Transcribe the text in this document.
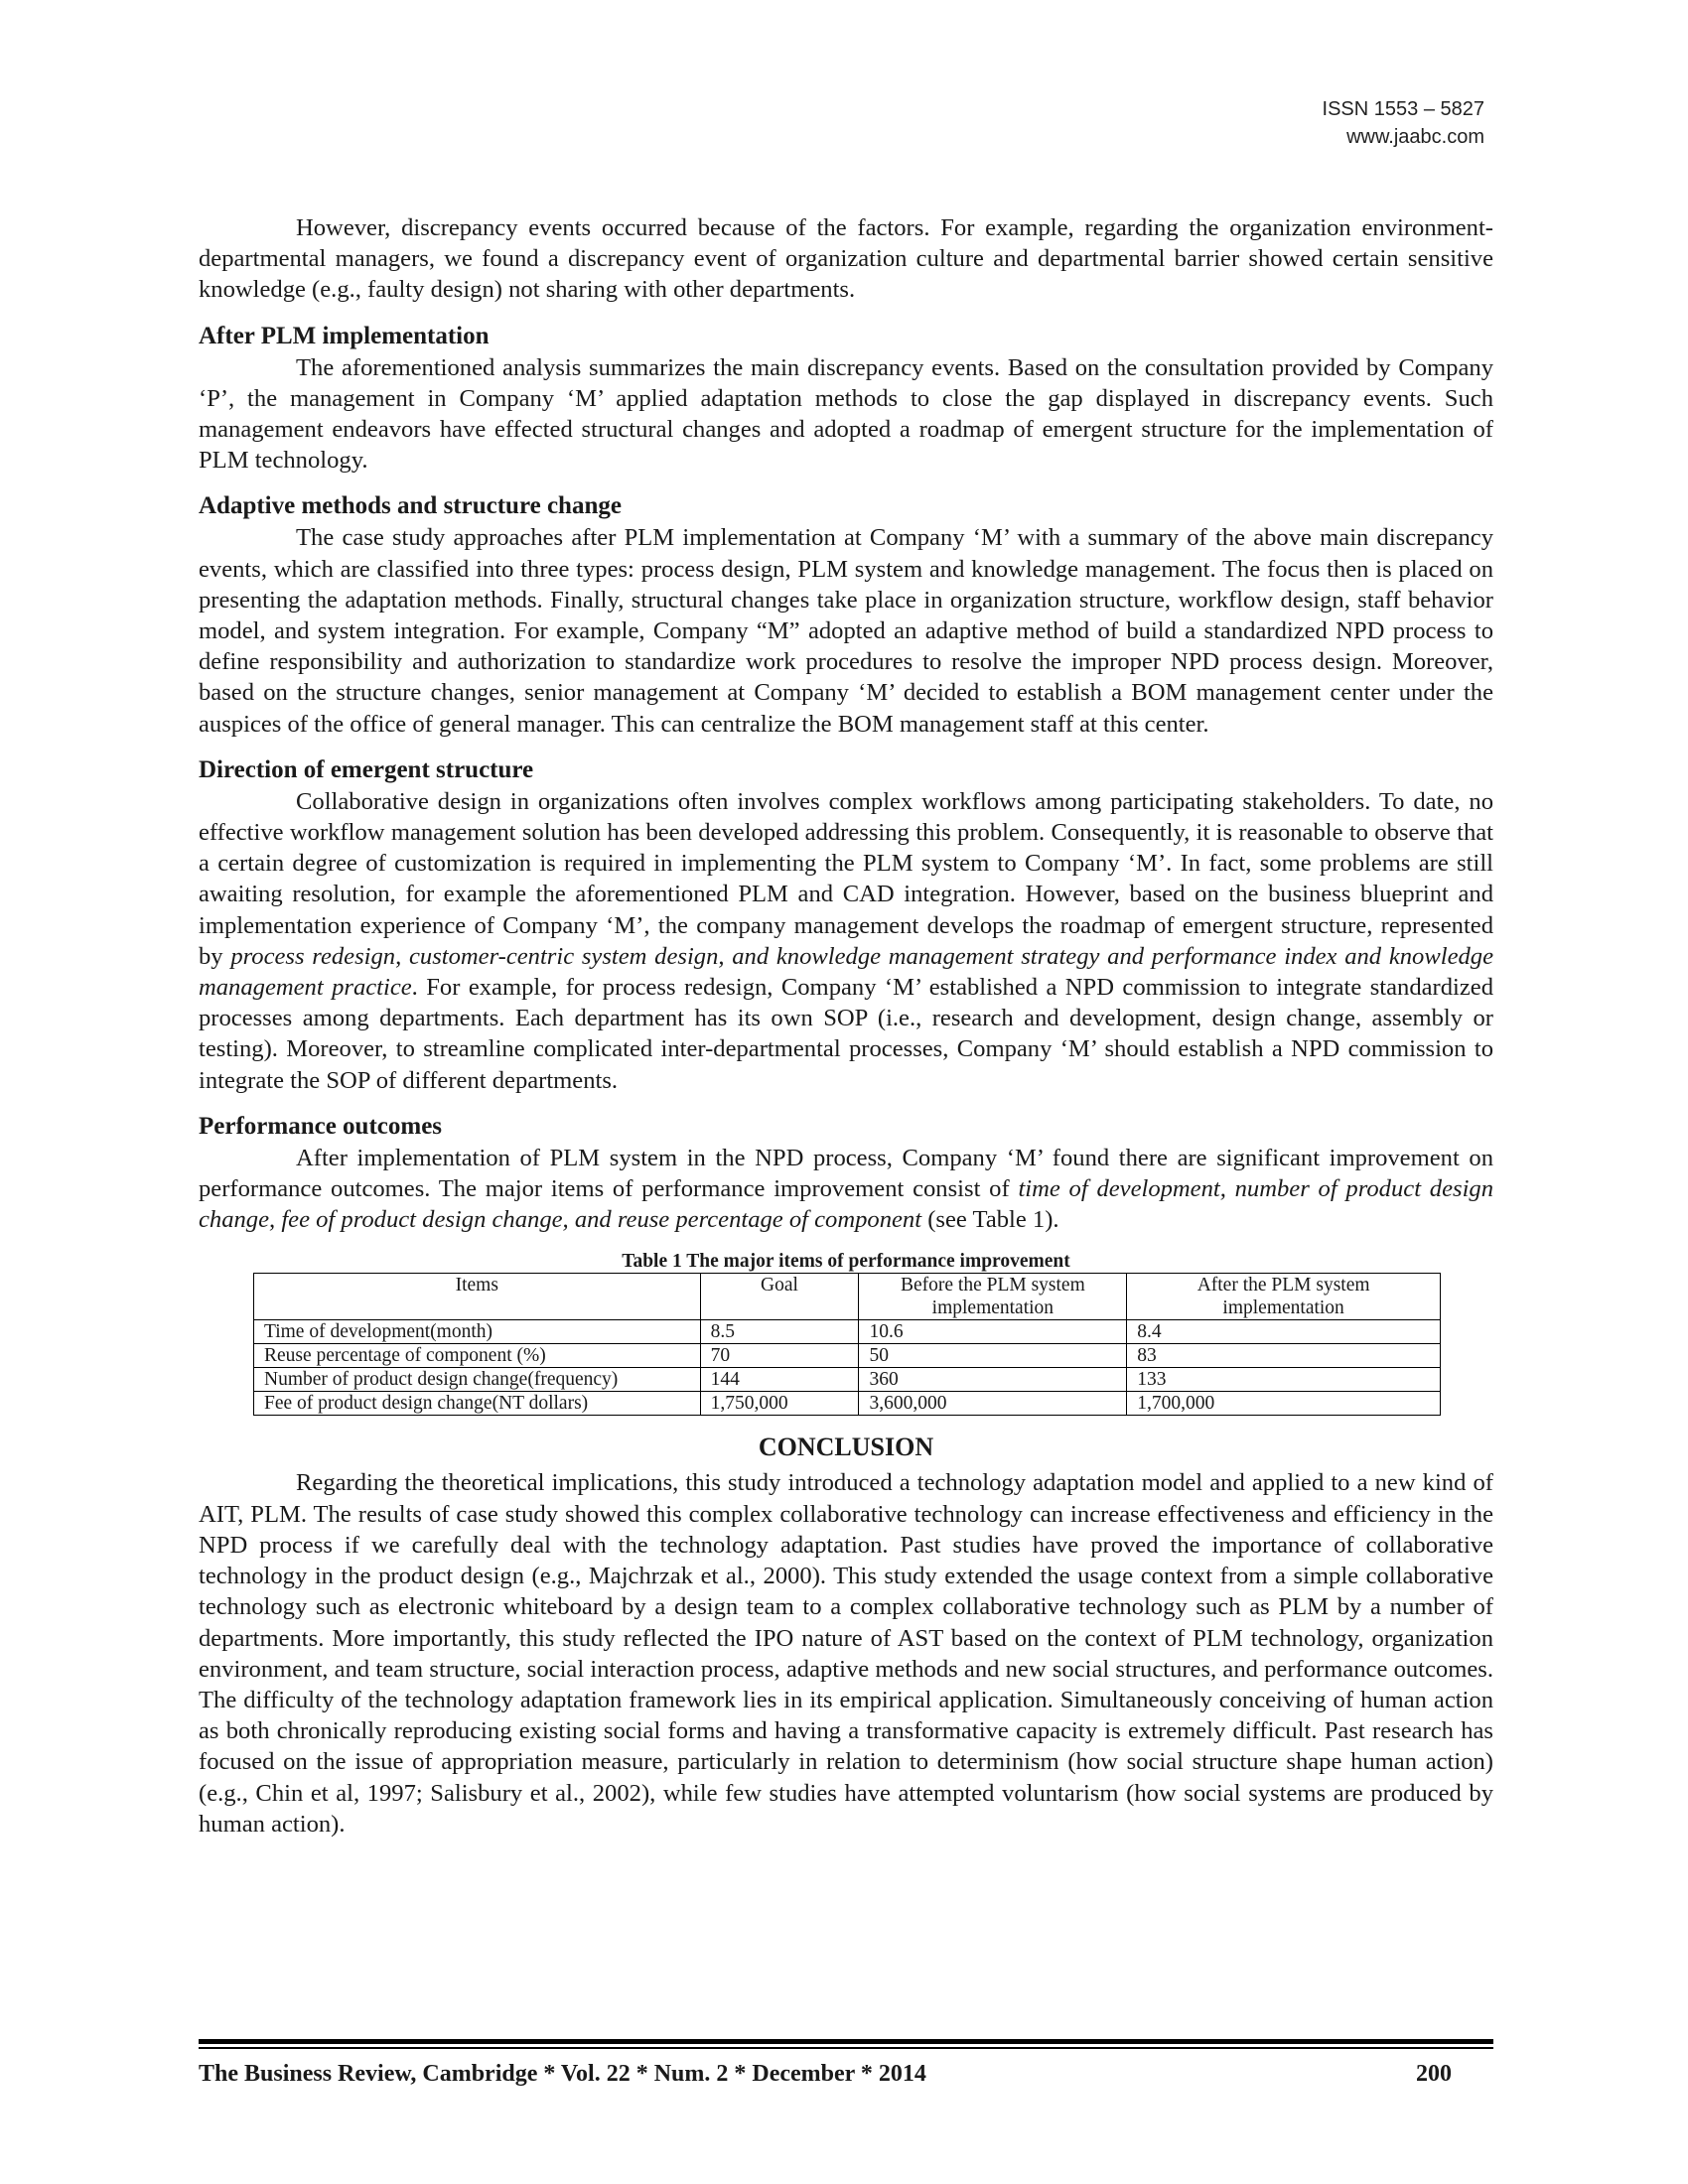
ISSN 1553 – 5827
www.jaabc.com

However, discrepancy events occurred because of the factors. For example, regarding the organization environment-departmental managers, we found a discrepancy event of organization culture and departmental barrier showed certain sensitive knowledge (e.g., faulty design) not sharing with other departments.

After PLM implementation

The aforementioned analysis summarizes the main discrepancy events. Based on the consultation provided by Company ‘P’, the management in Company ‘M’ applied adaptation methods to close the gap displayed in discrepancy events. Such management endeavors have effected structural changes and adopted a roadmap of emergent structure for the implementation of PLM technology.

Adaptive methods and structure change

The case study approaches after PLM implementation at Company ‘M’ with a summary of the above main discrepancy events, which are classified into three types: process design, PLM system and knowledge management. The focus then is placed on presenting the adaptation methods. Finally, structural changes take place in organization structure, workflow design, staff behavior model, and system integration. For example, Company “M” adopted an adaptive method of build a standardized NPD process to define responsibility and authorization to standardize work procedures to resolve the improper NPD process design. Moreover, based on the structure changes, senior management at Company ‘M’ decided to establish a BOM management center under the auspices of the office of general manager. This can centralize the BOM management staff at this center.

Direction of emergent structure

Collaborative design in organizations often involves complex workflows among participating stakeholders. To date, no effective workflow management solution has been developed addressing this problem. Consequently, it is reasonable to observe that a certain degree of customization is required in implementing the PLM system to Company ‘M’. In fact, some problems are still awaiting resolution, for example the aforementioned PLM and CAD integration. However, based on the business blueprint and implementation experience of Company ‘M’, the company management develops the roadmap of emergent structure, represented by process redesign, customer-centric system design, and knowledge management strategy and performance index and knowledge management practice. For example, for process redesign, Company ‘M’ established a NPD commission to integrate standardized processes among departments. Each department has its own SOP (i.e., research and development, design change, assembly or testing). Moreover, to streamline complicated inter-departmental processes, Company ‘M’ should establish a NPD commission to integrate the SOP of different departments.

Performance outcomes

After implementation of PLM system in the NPD process, Company ‘M’ found there are significant improvement on performance outcomes. The major items of performance improvement consist of time of development, number of product design change, fee of product design change, and reuse percentage of component (see Table 1).

Table 1 The major items of performance improvement
Items	Goal	Before the PLM system implementation	After the PLM system implementation
Time of development(month)	8.5	10.6	8.4
Reuse percentage of component (%)	70	50	83
Number of product design change(frequency)	144	360	133
Fee of product design change(NT dollars)	1,750,000	3,600,000	1,700,000
CONCLUSION

Regarding the theoretical implications, this study introduced a technology adaptation model and applied to a new kind of AIT, PLM. The results of case study showed this complex collaborative technology can increase effectiveness and efficiency in the NPD process if we carefully deal with the technology adaptation. Past studies have proved the importance of collaborative technology in the product design (e.g., Majchrzak et al., 2000). This study extended the usage context from a simple collaborative technology such as electronic whiteboard by a design team to a complex collaborative technology such as PLM by a number of departments. More importantly, this study reflected the IPO nature of AST based on the context of PLM technology, organization environment, and team structure, social interaction process, adaptive methods and new social structures, and performance outcomes. The difficulty of the technology adaptation framework lies in its empirical application. Simultaneously conceiving of human action as both chronically reproducing existing social forms and having a transformative capacity is extremely difficult. Past research has focused on the issue of appropriation measure, particularly in relation to determinism (how social structure shape human action) (e.g., Chin et al, 1997; Salisbury et al., 2002), while few studies have attempted voluntarism (how social systems are produced by human action).

The Business Review, Cambridge * Vol. 22 * Num. 2 * December * 2014	200
